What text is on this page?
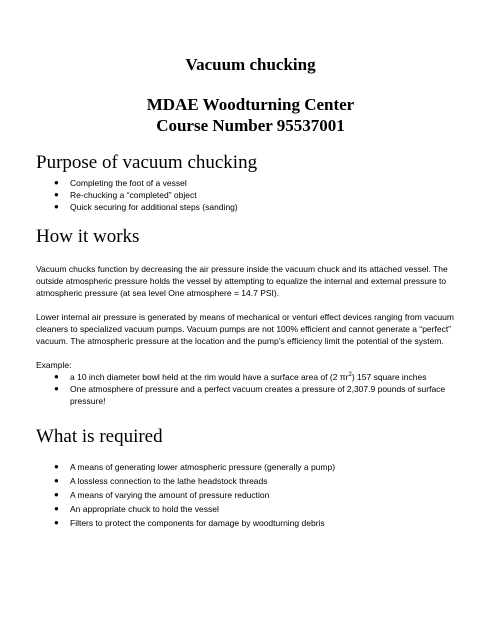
Vacuum chucking
MDAE Woodturning Center
Course Number 95537001
Purpose of vacuum chucking
● Completing the foot of a vessel
● Re-chucking a “completed” object
● Quick securing for additional steps (sanding)
How it works

Vacuum chucks function by decreasing the air pressure inside the vacuum chuck and its attached vessel. The outside atmospheric pressure holds the vessel by attempting to equalize the internal and external pressure to atmospheric pressure (at sea level One atmosphere = 14.7 PSI).

Lower internal air pressure is generated by means of mechanical or venturi effect devices ranging from vacuum cleaners to specialized vacuum pumps. Vacuum pumps are not 100% efficient and cannot generate a “perfect” vacuum. The atmospheric pressure at the location and the pump’s efficiency limit the potential of the system.

Example:

● a 10 inch diameter bowl held at the rim would have a surface area of (2 $\pi r^2$) 157 square inches
● One atmosphere of pressure and a perfect vacuum creates a pressure of 2,307.9 pounds of surface pressure!
What is required
● A means of generating lower atmospheric pressure (generally a pump)
● A lossless connection to the lathe headstock threads
● A means of varying the amount of pressure reduction
● An appropriate chuck to hold the vessel
● Filters to protect the components for damage by woodturning debris
